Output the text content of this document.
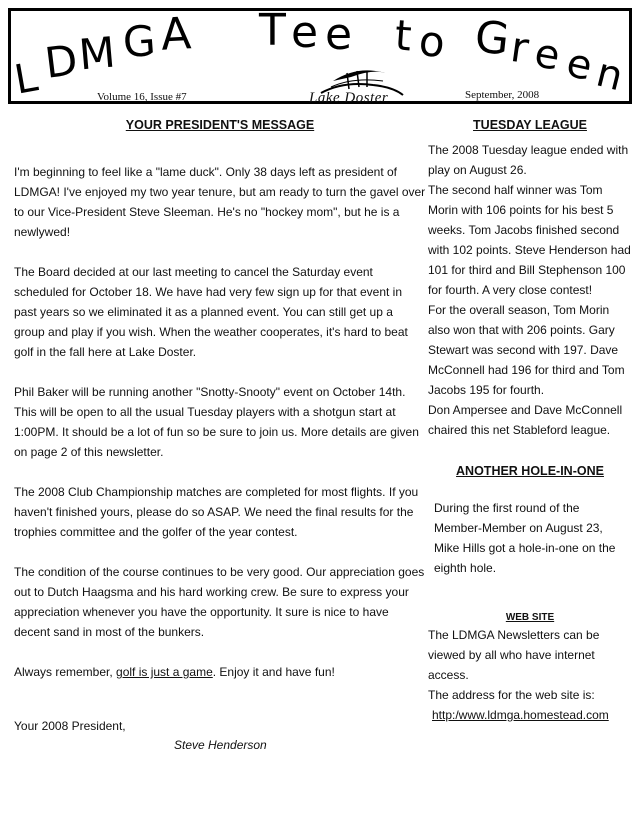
L D
M G A T e e t o G
r e e
n
Volume 16, Issue #7	Lake Doster	September, 2008
YOUR PRESIDENT'S MESSAGE

I'm beginning to feel like a "lame duck". Only 38 days left as president of LDMGA! I've enjoyed my two year tenure, but am ready to turn the gavel over to our Vice-President Steve Sleeman. He's no "hockey mom", but he is a newlywed!

The Board decided at our last meeting to cancel the Saturday event scheduled for October 18. We have had very few sign up for that event in past years so we eliminated it as a planned event. You can still get up a group and play if you wish. When the weather cooperates, it's hard to beat golf in the fall here at Lake Doster.

Phil Baker will be running another "Snotty-Snooty" event on October 14th. This will be open to all the usual Tuesday players with a shotgun start at 1:00PM. It should be a lot of fun so be sure to join us. More details are given on page 2 of this newsletter.

The 2008 Club Championship matches are completed for most flights. If you haven't finished yours, please do so ASAP. We need the final results for the trophies committee and the golfer of the year contest.

The condition of the course continues to be very good. Our appreciation goes out to Dutch Haagsma and his hard working crew. Be sure to express your appreciation whenever you have the opportunity. It sure is nice to have decent sand in most of the bunkers.

Always remember, golf is just a game. Enjoy it and have fun!

Your 2008 President,

Steve Henderson
TUESDAY LEAGUE

The 2008 Tuesday league ended with play on August 26.

The second half winner was Tom Morin with 106 points for his best 5 weeks. Tom Jacobs finished second with 102 points. Steve Henderson had 101 for third and Bill Stephenson 100 for fourth. A very close contest!

For the overall season, Tom Morin also won that with 206 points. Gary Stewart was second with 197. Dave McConnell had 196 for third and Tom Jacobs 195 for fourth.

Don Ampersee and Dave McConnell chaired this net Stableford league.

ANOTHER HOLE-IN-ONE

During the first round of the Member-Member on August 23, Mike Hills got a hole-in-one on the eighth hole.

WEB SITE

The LDMGA Newsletters can be viewed by all who have internet access.

The address for the web site is:

http:/www.ldmga.homestead.com
